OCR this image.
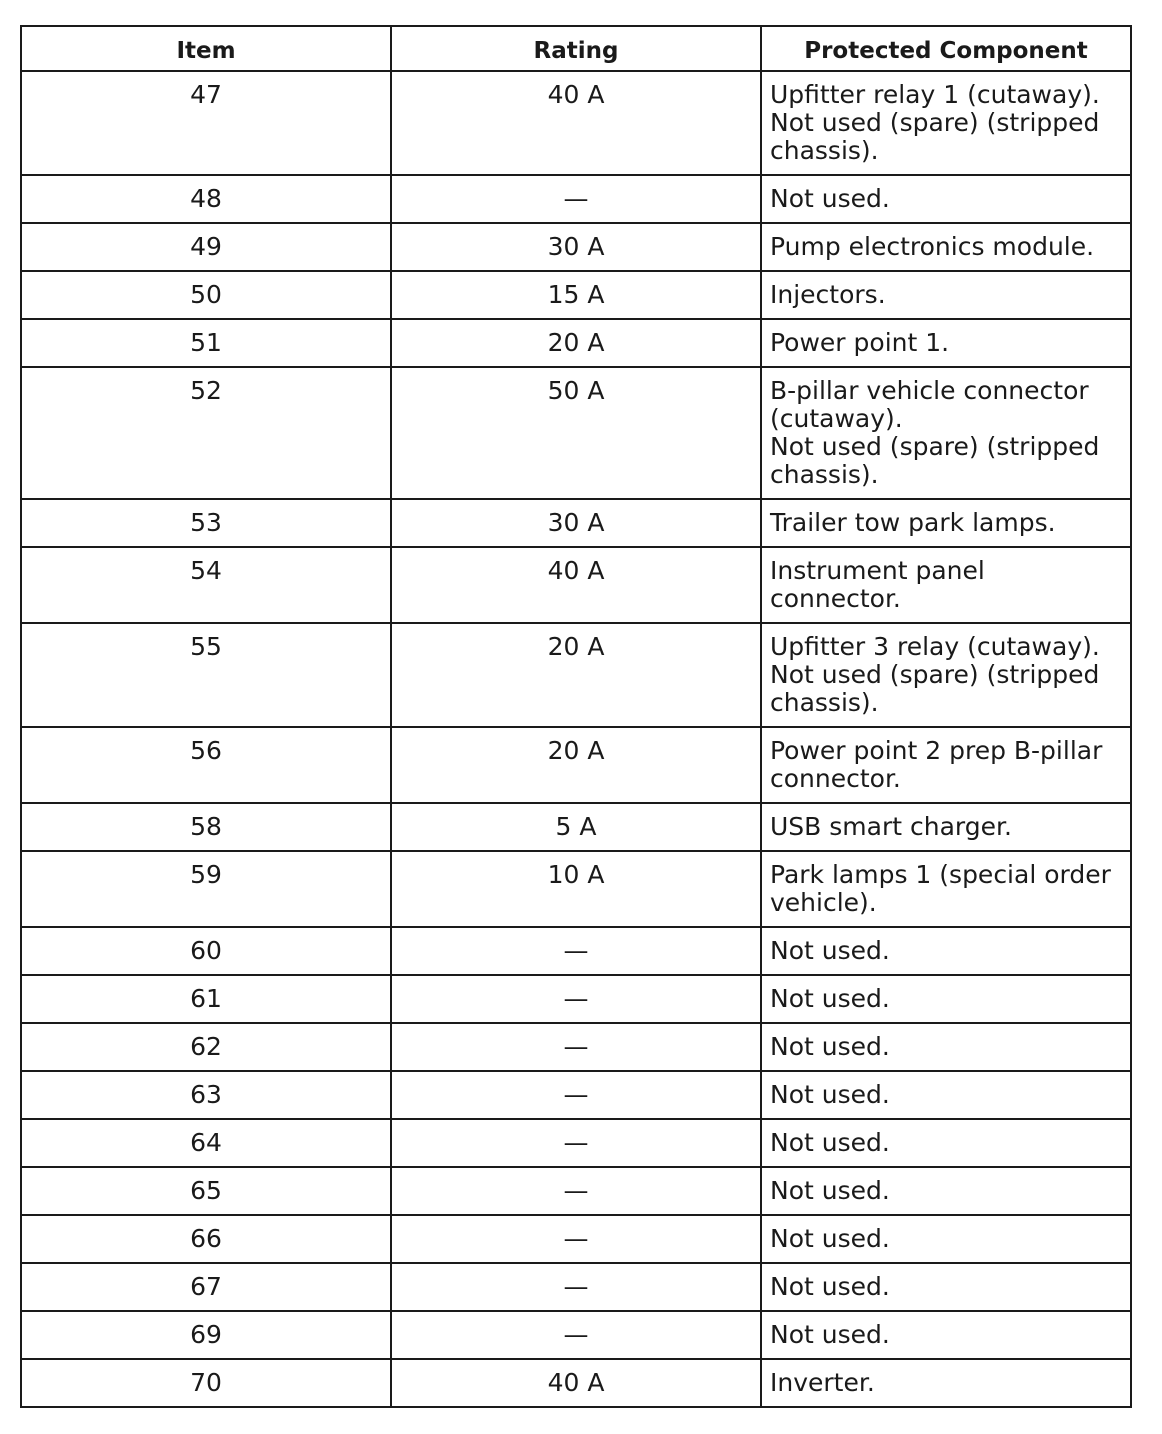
Item	Rating	Protected Component
47	40 A	Upfitter relay 1 (cutaway).
Not used (spare) (stripped chassis).
48	—	Not used.
49	30 A	Pump electronics module.
50	15 A	Injectors.
51	20 A	Power point 1.
52	50 A	B-pillar vehicle connector (cutaway).
Not used (spare) (stripped chassis).
53	30 A	Trailer tow park lamps.
54	40 A	Instrument panel connector.
55	20 A	Upfitter 3 relay (cutaway).
Not used (spare) (stripped chassis).
56	20 A	Power point 2 prep B-pillar connector.
58	5 A	USB smart charger.
59	10 A	Park lamps 1 (special order vehicle).
60	—	Not used.
61	—	Not used.
62	—	Not used.
63	—	Not used.
64	—	Not used.
65	—	Not used.
66	—	Not used.
67	—	Not used.
69	—	Not used.
70	40 A	Inverter.
